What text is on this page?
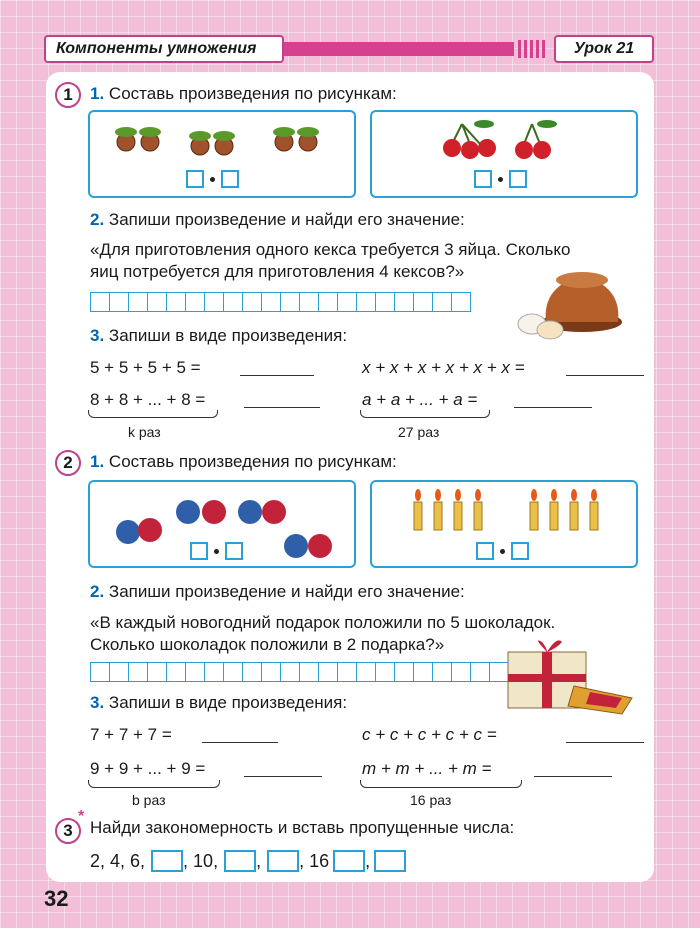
Компоненты умножения	Урок 21
1	1. Составь произведения по рисункам:
2. Запиши произведение и найди его значение:
«Для приготовления одного кекса требуется 3 яйца. Сколько
яиц потребуется для приготовления 4 кексов?»
3. Запиши в виде произведения:
5 + 5 + 5 + 5 =	x + x + x + x + x + x =
8 + 8 + ... + 8 =	a + a + ... + a =
k раз	27 раз
2	1. Составь произведения по рисункам:
2. Запиши произведение и найди его значение:
«В каждый новогодний подарок положили по 5 шоколадок.
Сколько шоколадок положили в 2 подарка?»
3. Запиши в виде произведения:
7 + 7 + 7 =	c + c + c + c + c =
9 + 9 + ... + 9 =	m + m + ... + m =
b раз	16 раз
3
*
Найди закономерность и вставь пропущенные числа:
2, 4, 6, , 10, , , 16 ,
32
